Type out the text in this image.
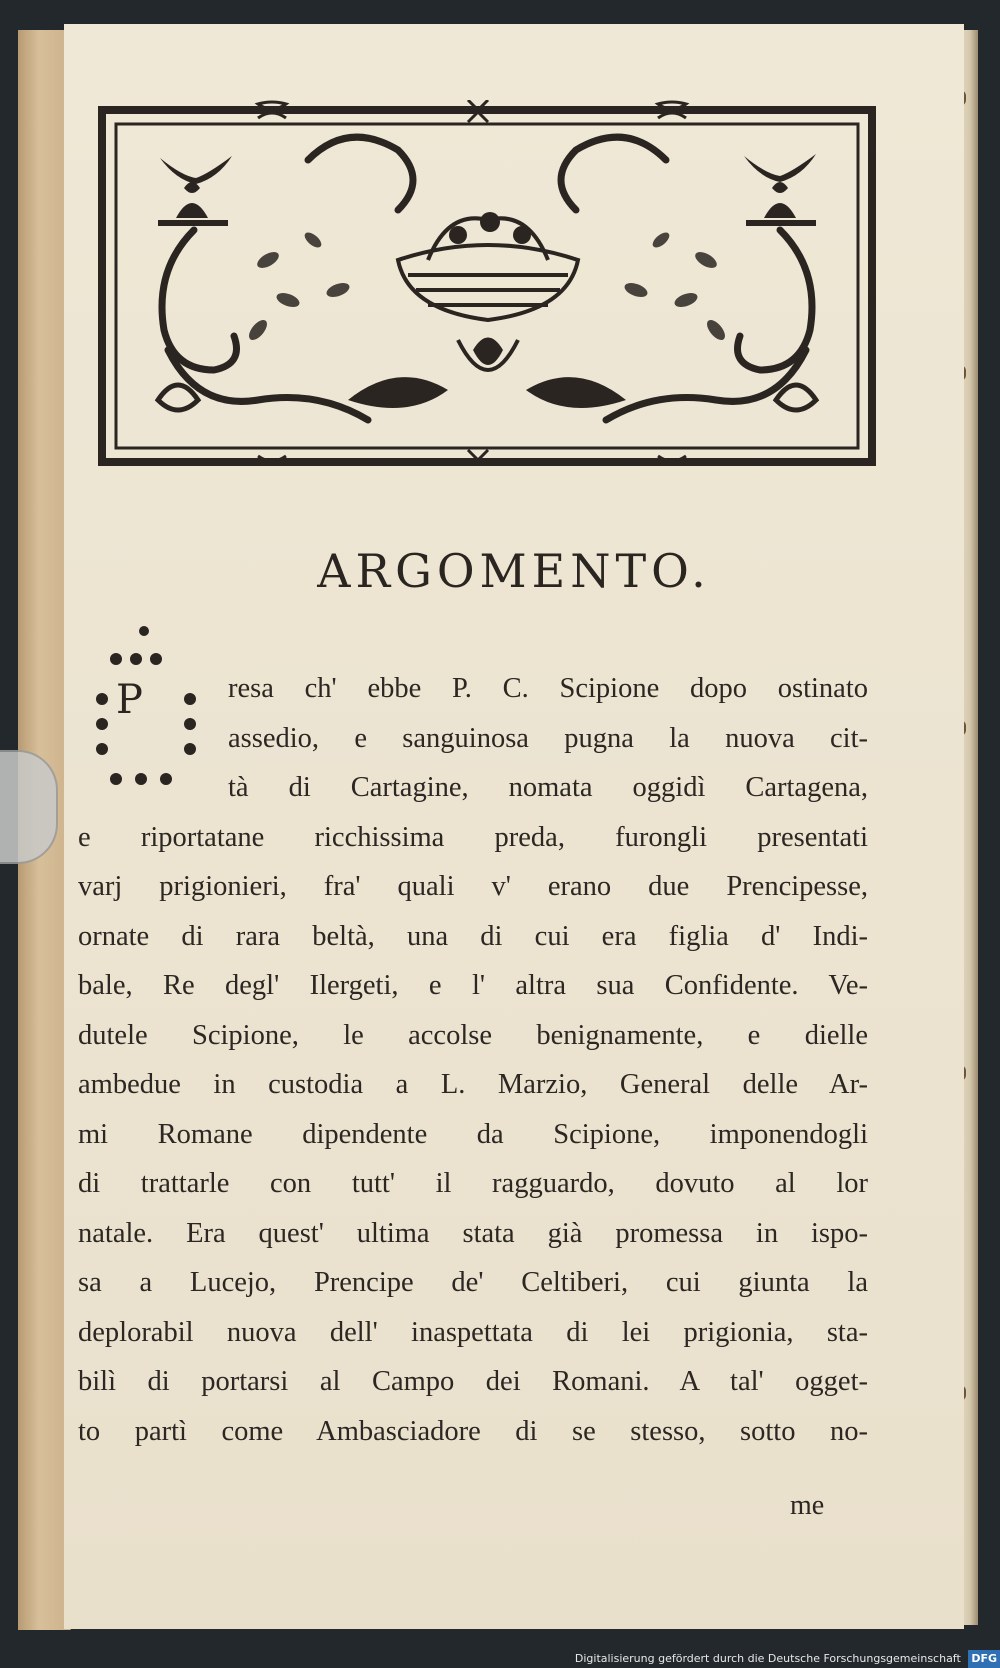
ARGOMENTO.
P	resa ch' ebbe P. C. Scipione dopo ostinato
assedio, e sanguinosa pugna la nuova cit-
tà di Cartagine, nomata oggidì Cartagena,
e riportatane ricchissima preda, furongli presentati
varj prigionieri, fra' quali v' erano due Prencipesse,
ornate di rara beltà, una di cui era figlia d' Indi-
bale, Re degl' Ilergeti, e l' altra sua Confidente. Ve-
dutele Scipione, le accolse benignamente, e dielle
ambedue in custodia a L. Marzio, General delle Ar-
mi Romane dipendente da Scipione, imponendogli
di trattarle con tutt' il ragguardo, dovuto al lor
natale. Era quest' ultima stata già promessa in ispo-
sa a Lucejo, Prencipe de' Celtiberi, cui giunta la
deplorabil nuova dell' inaspettata di lei prigionia, sta-
bilì di portarsi al Campo dei Romani. A tal' ogget-
to partì come Ambasciadore di se stesso, sotto no-
me
Digitalisierung gefördert durch die Deutsche Forschungsgemeinschaft DFG
